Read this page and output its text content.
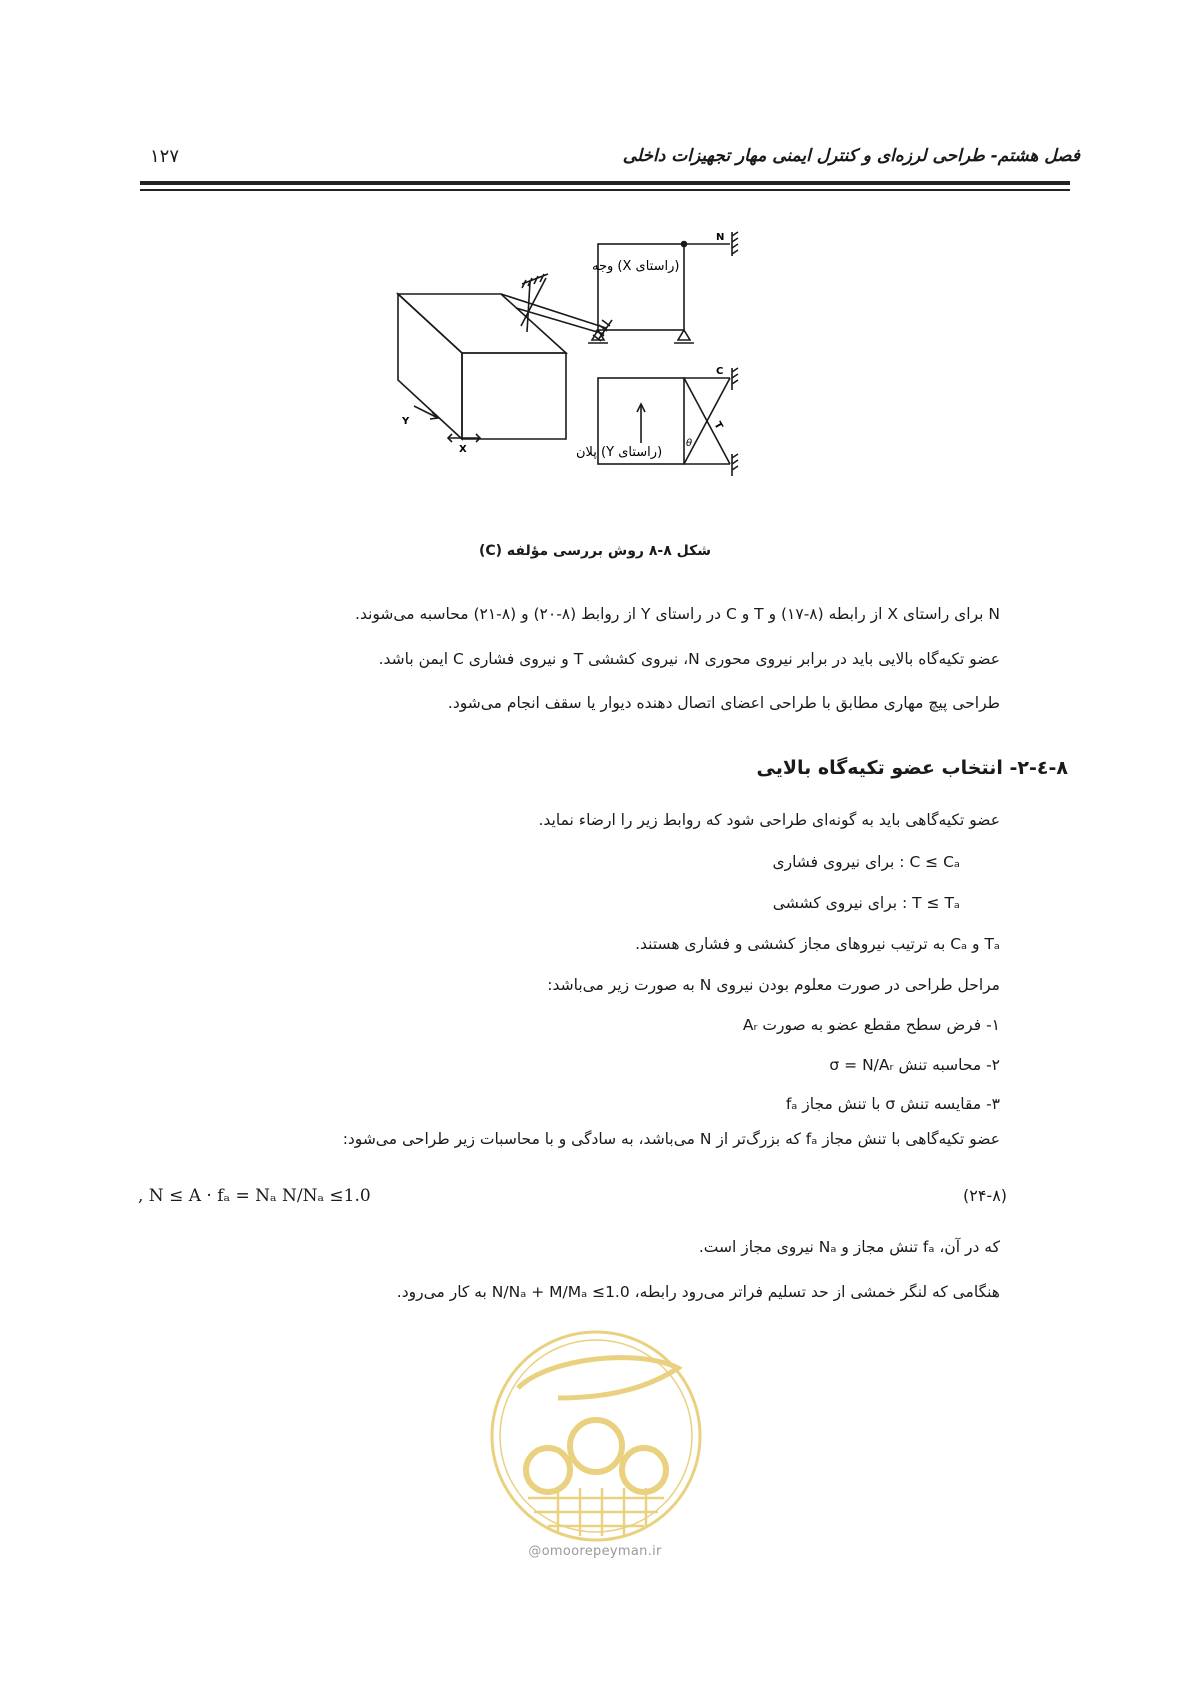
فصل هشتم- طراحی لرزه‌ای و کنترل ایمنی مهار تجهیزات داخلی
۱۲۷
(راستای X) وجه
(راستای Y) پلان
Y
X
N
C
T
θ
شکل ۸-۸ روش بررسی مؤلفه (C)
N برای راستای X از رابطه (۸-۱۷) و T و C در راستای Y از روابط (۸-۲۰) و (۸-۲۱) محاسبه می‌شوند.
عضو تکیه‌گاه بالایی باید در برابر نیروی محوری N، نیروی کششی T و نیروی فشاری C ایمن باشد.
طراحی پیچ مهاری مطابق با طراحی اعضای اتصال دهنده دیوار یا سقف انجام می‌شود.
۸-٤-۲- انتخاب عضو تکیه‌گاه بالایی
عضو تکیه‌گاهی باید به گونه‌ای طراحی شود که روابط زیر را ارضاء نماید.
C ≤ Cₐ : برای نیروی فشاری
T ≤ Tₐ : برای نیروی کششی
Tₐ و Cₐ به ترتیب نیروهای مجاز کششی و فشاری هستند.
مراحل طراحی در صورت معلوم بودن نیروی N به صورت زیر می‌باشد:
۱- فرض سطح مقطع عضو به صورت Aᵣ
۲- محاسبه تنش σ = N/Aᵣ
۳- مقایسه تنش σ با تنش مجاز fₐ
عضو تکیه‌گاهی با تنش مجاز fₐ که بزرگ‌تر از N می‌باشد، به سادگی و با محاسبات زیر طراحی می‌شود:
, N ≤ A · fₐ = Nₐ N/Nₐ ≤1.0	(۲۴-۸)
که در آن، fₐ تنش مجاز و Nₐ نیروی مجاز است.
هنگامی که لنگر خمشی از حد تسلیم فراتر می‌رود رابطه، N/Nₐ + M/Mₐ ≤1.0 به کار می‌رود.
@omoorepeyman.ir
